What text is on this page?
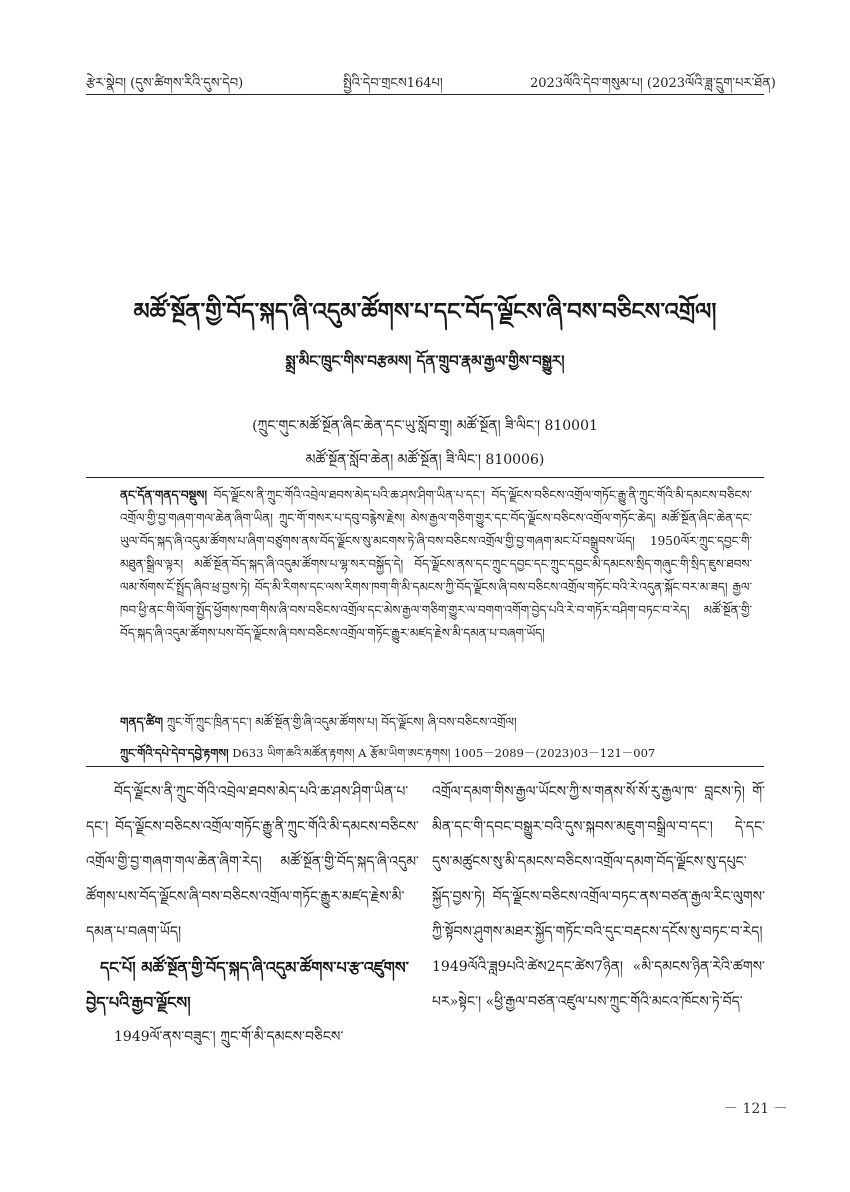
རྩེར་སྣེབ། (དུས་ཚིགས་རིའི་དུས་དེབ)	སྤྱིའི་དེབ་གྲངས164པ།	2023ལོའི་དེབ་གསུམ་པ། (2023ལོའི་ཟླ་དྲུག་པར་ཐོན)
མཚོ་སྔོན་གྱི་བོད་སྐད་ཞི་འདུམ་ཚོགས་པ་དང་བོད་ལྗོངས་ཞི་བས་བཅིངས་འགྲོལ།
སྨྲ་མིང་ཁྲུང་གིས་བརྩམས། དོན་གྲུབ་རྣམ་རྒྱལ་གྱིས་བསྒྱུར།
(ཀྲུང་གུང་མཚོ་སྔོན་ཞིང་ཆེན་དང་ཡུ་སློབ་གྲྭ། མཚོ་སྔོན། ཟི་ལིང་། 810001
མཚོ་སྔོན་སློབ་ཆེན། མཚོ་སྔོན། ཟི་ལིང་། 810006)
ནང་དོན་གནད་བསྡུས། བོད་ལྗོངས་ནི་ཀྲུང་གོའི་འབྲེལ་ཐབས་མེད་པའི་ཆ་ཤས་ཤིག་ཡིན་པ་དང་། བོད་ལྗོངས་བཅིངས་འགྲོལ་གཏོང་རྒྱུ་ནི་ཀྲུང་གོའི་མི་དམངས་བཅིངས་འགྲོལ་གྱི་བྱ་གཞག་གལ་ཆེན་ཞིག་ཡིན། ཀྲུང་གོ་གསར་པ་དབུ་བརྙེས་རྗེས། མེས་རྒྱལ་གཅིག་གྱུར་དང་བོད་ལྗོངས་བཅིངས་འགྲོལ་གཏོང་ཆེད། མཚོ་སྔོན་ཞིང་ཆེན་དང་ཡུལ་བོད་སྐད་ཞི་འདུམ་ཚོགས་པ་ཞིག་བཙུགས་ནས་བོད་ལྗོངས་སུ་མངགས་ཏེ་ཞི་བས་བཅིངས་འགྲོལ་གྱི་བྱ་གཞག་མང་པོ་བསྒྲུབས་ཡོད། 1950ལོར་ཀྲུང་དབྱང་གི་མཐུན་སྒྲིལ་ལྟར། མཚོ་སྔོན་བོད་སྐད་ཞི་འདུམ་ཚོགས་པ་ལྷ་སར་བསྐྱོད་དེ། བོད་ལྗོངས་ནས་དང་ཀྲུང་དབྱང་དང་ཀྲུང་དབྱང་མི་དམངས་སྲིད་གཞུང་གི་སྲིད་ཇུས་ཐབས་ལམ་སོགས་ངོ་སྤྲོད་ཞིབ་ཕྲ་བྱས་ཏེ། བོད་མི་རིགས་དང་ལས་རིགས་ཁག་གི་མི་དམངས་ཀྱི་བོད་ལྗོངས་ཞི་བས་བཅིངས་འགྲོལ་གཏོང་བའི་རེ་འདུན་སྐོང་བར་མ་ཟད། རྒྱལ་ཁབ་ཕྱི་ནང་གི་ལོག་སྤྱོད་ཕྱོགས་ཁག་གིས་ཞི་བས་བཅིངས་འགྲོལ་དང་མེས་རྒྱལ་གཅིག་གྱུར་ལ་བགག་འགོག་བྱེད་པའི་རེ་བ་གཏོར་བཤིག་བཏང་བ་རེད། མཚོ་སྔོན་གྱི་བོད་སྐད་ཞི་འདུམ་ཚོགས་པས་བོད་ལྗོངས་ཞི་བས་བཅིངས་འགྲོལ་གཏོང་རྒྱུར་མཛད་རྗེས་མི་དམན་པ་བཞག་ཡོད།
གནད་ཚིག ཀྲུང་གོ་ཀྲུང་ཁྲིན་དང་། མཚོ་སྔོན་གྱི་ཞི་འདུམ་ཚོགས་པ། བོད་ལྗོངས། ཞི་བས་བཅིངས་འགྲོལ།
ཀྲུང་གོའི་དཔེ་དེབ་དབྱེ་རྟགས། D633 ཡིག་ཆའི་མཚོན་རྟགས། A རྩོམ་ཡིག་ཨང་རྟགས། 1005－2089－(2023)03－121－007

བོད་ལྗོངས་ནི་ཀྲུང་གོའི་འབྲེལ་ཐབས་མེད་པའི་ཆ་ཤས་ཤིག་ཡིན་པ་དང་། བོད་ལྗོངས་བཅིངས་འགྲོལ་གཏོང་རྒྱུ་ནི་ཀྲུང་གོའི་མི་དམངས་བཅིངས་འགྲོལ་གྱི་བྱ་གཞག་གལ་ཆེན་ཞིག་རེད། མཚོ་སྔོན་གྱི་བོད་སྐད་ཞི་འདུམ་ཚོགས་པས་བོད་ལྗོངས་ཞི་བས་བཅིངས་འགྲོལ་གཏོང་རྒྱུར་མཛད་རྗེས་མི་དམན་པ་བཞག་ཡོད།

དང་པོ། མཚོ་སྔོན་གྱི་བོད་སྐད་ཞི་འདུམ་ཚོགས་པ་རྩ་འཛུགས་བྱེད་པའི་རྒྱབ་ལྗོངས།

1949ལོ་ནས་བཟུང་། ཀྲུང་གོ་མི་དམངས་བཅིངས་

འགྲོལ་དམག་གིས་རྒྱལ་ཡོངས་ཀྱི་ས་གནས་སོ་སོ་རུ་རྒྱལ་ཁ་ བླངས་ཏེ། གོ་མིན་དང་གི་དབང་བསྒྱུར་བའི་དུས་སྐབས་མཇུག་བསྒྲིལ་བ་དང་། དེ་དང་དུས་མཚུངས་སུ་མི་དམངས་བཅིངས་འགྲོལ་དམག་བོད་ལྗོངས་སུ་དཔུང་སྐྱོད་བྱས་ཏེ། བོད་ལྗོངས་བཅིངས་འགྲོལ་བཏང་ནས་བཙན་རྒྱལ་རིང་ལུགས་ཀྱི་སྟོབས་ཤུགས་མཐར་སྐྱོད་གཏོང་བའི་དུང་བརྡངས་དངོས་སུ་བཏང་བ་རེད། 1949ལོའི་ཟླ9པའི་ཚེས2དང་ཚེས7ཉིན། «མི་དམངས་ཉིན་རེའི་ཚགས་པར»སྟེང་། «ཕྱི་རྒྱལ་བཙན་འཛུལ་པས་ཀྲུང་གོའི་མངའ་ཁོངས་ཏེ་བོད་

－ 121 －
